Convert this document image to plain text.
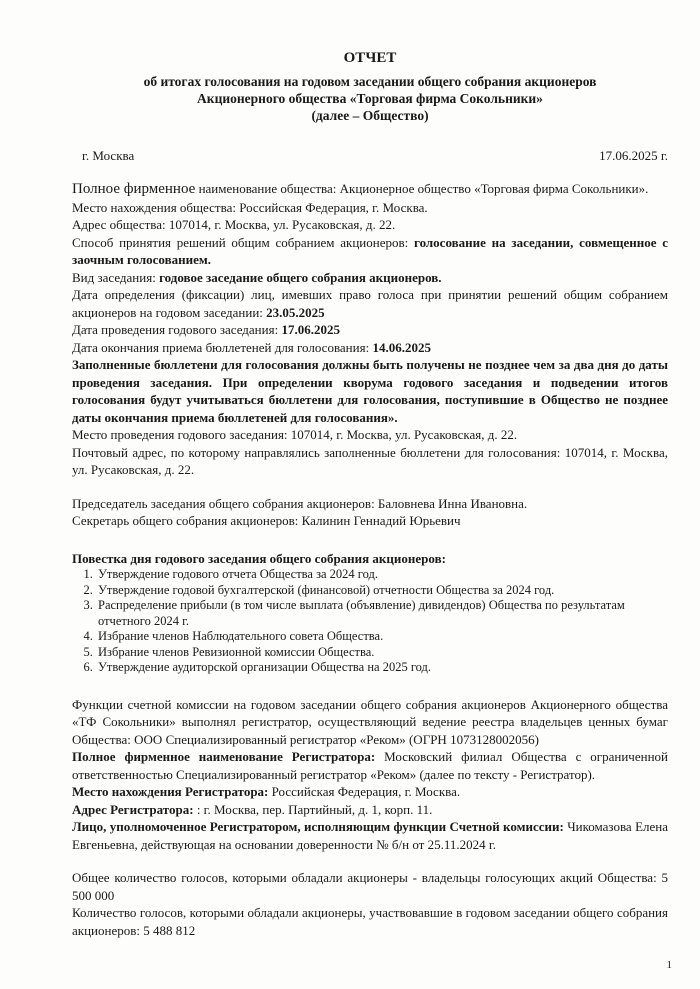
ОТЧЕТ
об итогах голосования на годовом заседании общего собрания акционеров
Акционерного общества «Торговая фирма Сокольники»
(далее – Общество)
г. Москва	17.06.2025 г.
Полное фирменное наименование общества: Акционерное общество «Торговая фирма Сокольники».
Место нахождения общества: Российская Федерация, г. Москва.
Адрес общества: 107014, г. Москва, ул. Русаковская, д. 22.
Способ принятия решений общим собранием акционеров: голосование на заседании, совмещенное с заочным голосованием.
Вид заседания: годовое заседание общего собрания акционеров.
Дата определения (фиксации) лиц, имевших право голоса при принятии решений общим собранием акционеров на годовом заседании: 23.05.2025
Дата проведения годового заседания: 17.06.2025
Дата окончания приема бюллетеней для голосования: 14.06.2025
Заполненные бюллетени для голосования должны быть получены не позднее чем за два дня до даты проведения заседания. При определении кворума годового заседания и подведении итогов голосования будут учитываться бюллетени для голосования, поступившие в Общество не позднее даты окончания приема бюллетеней для голосования».
Место проведения годового заседания: 107014, г. Москва, ул. Русаковская, д. 22.
Почтовый адрес, по которому направлялись заполненные бюллетени для голосования: 107014, г. Москва, ул. Русаковская, д. 22.
Председатель заседания общего собрания акционеров: Баловнева Инна Ивановна.
Секретарь общего собрания акционеров: Калинин Геннадий Юрьевич
Повестка дня годового заседания общего собрания акционеров:
1. Утверждение годового отчета Общества за 2024 год.
2. Утверждение годовой бухгалтерской (финансовой) отчетности Общества за 2024 год.
3. Распределение прибыли (в том числе выплата (объявление) дивидендов) Общества по результатам отчетного 2024 г.
4. Избрание членов Наблюдательного совета Общества.
5. Избрание членов Ревизионной комиссии Общества.
6. Утверждение аудиторской организации Общества на 2025 год.
Функции счетной комиссии на годовом заседании общего собрания акционеров Акционерного общества «ТФ Сокольники» выполнял регистратор, осуществляющий ведение реестра владельцев ценных бумаг Общества: ООО Специализированный регистратор «Реком» (ОГРН 1073128002056)
Полное фирменное наименование Регистратора: Московский филиал Общества с ограниченной ответственностью Специализированный регистратор «Реком» (далее по тексту - Регистратор).
Место нахождения Регистратора: Российская Федерация, г. Москва.
Адрес Регистратора: : г. Москва, пер. Партийный, д. 1, корп. 11.
Лицо, уполномоченное Регистратором, исполняющим функции Счетной комиссии: Чикомазова Елена Евгеньевна, действующая на основании доверенности № б/н от 25.11.2024 г.
Общее количество голосов, которыми обладали акционеры - владельцы голосующих акций Общества: 5 500 000
Количество голосов, которыми обладали акционеры, участвовавшие в годовом заседании общего собрания акционеров: 5 488 812
1
